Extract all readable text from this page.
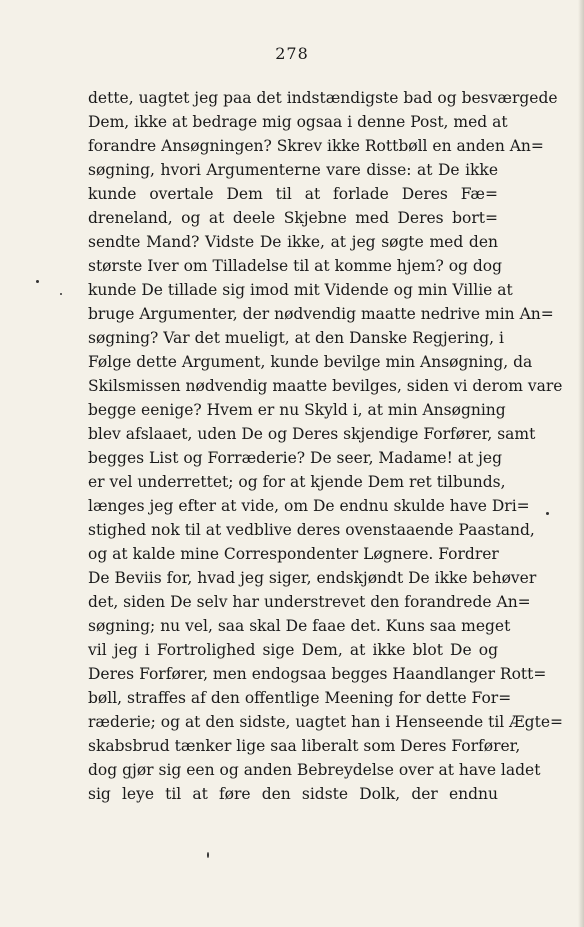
278
dette, uagtet jeg paa det indstændigste bad og besværgede
Dem, ikke at bedrage mig ogsaa i denne Post, med at
forandre Ansøgningen? Skrev ikke Rottbøll en anden An=
søgning, hvori Argumenterne vare disse: at De ikke
kunde overtale Dem til at forlade Deres Fæ=
dreneland, og at deele Skjebne med Deres bort=
sendte Mand? Vidste De ikke, at jeg søgte med den
største Iver om Tilladelse til at komme hjem? og dog
kunde De tillade sig imod mit Vidende og min Villie at
bruge Argumenter, der nødvendig maatte nedrive min An=
søgning? Var det mueligt, at den Danske Regjering, i
Følge dette Argument, kunde bevilge min Ansøgning, da
Skilsmissen nødvendig maatte bevilges, siden vi derom vare
begge eenige? Hvem er nu Skyld i, at min Ansøgning
blev afslaaet, uden De og Deres skjendige Forfører, samt
begges List og Forræderie? De seer, Madame! at jeg
er vel underrettet; og for at kjende Dem ret tilbunds,
længes jeg efter at vide, om De endnu skulde have Dri=
stighed nok til at vedblive deres ovenstaaende Paastand,
og at kalde mine Correspondenter Løgnere. Fordrer
De Beviis for, hvad jeg siger, endskjøndt De ikke behøver
det, siden De selv har understrevet den forandrede An=
søgning; nu vel, saa skal De faae det. Kuns saa meget
vil jeg i Fortrolighed sige Dem, at ikke blot De og
Deres Forfører, men endogsaa begges Haandlanger Rott=
bøll, straffes af den offentlige Meening for dette For=
ræderie; og at den sidste, uagtet han i Henseende til Ægte=
skabsbrud tænker lige saa liberalt som Deres Forfører,
dog gjør sig een og anden Bebreydelse over at have ladet
sig leye til at føre den sidste Dolk, der endnu
